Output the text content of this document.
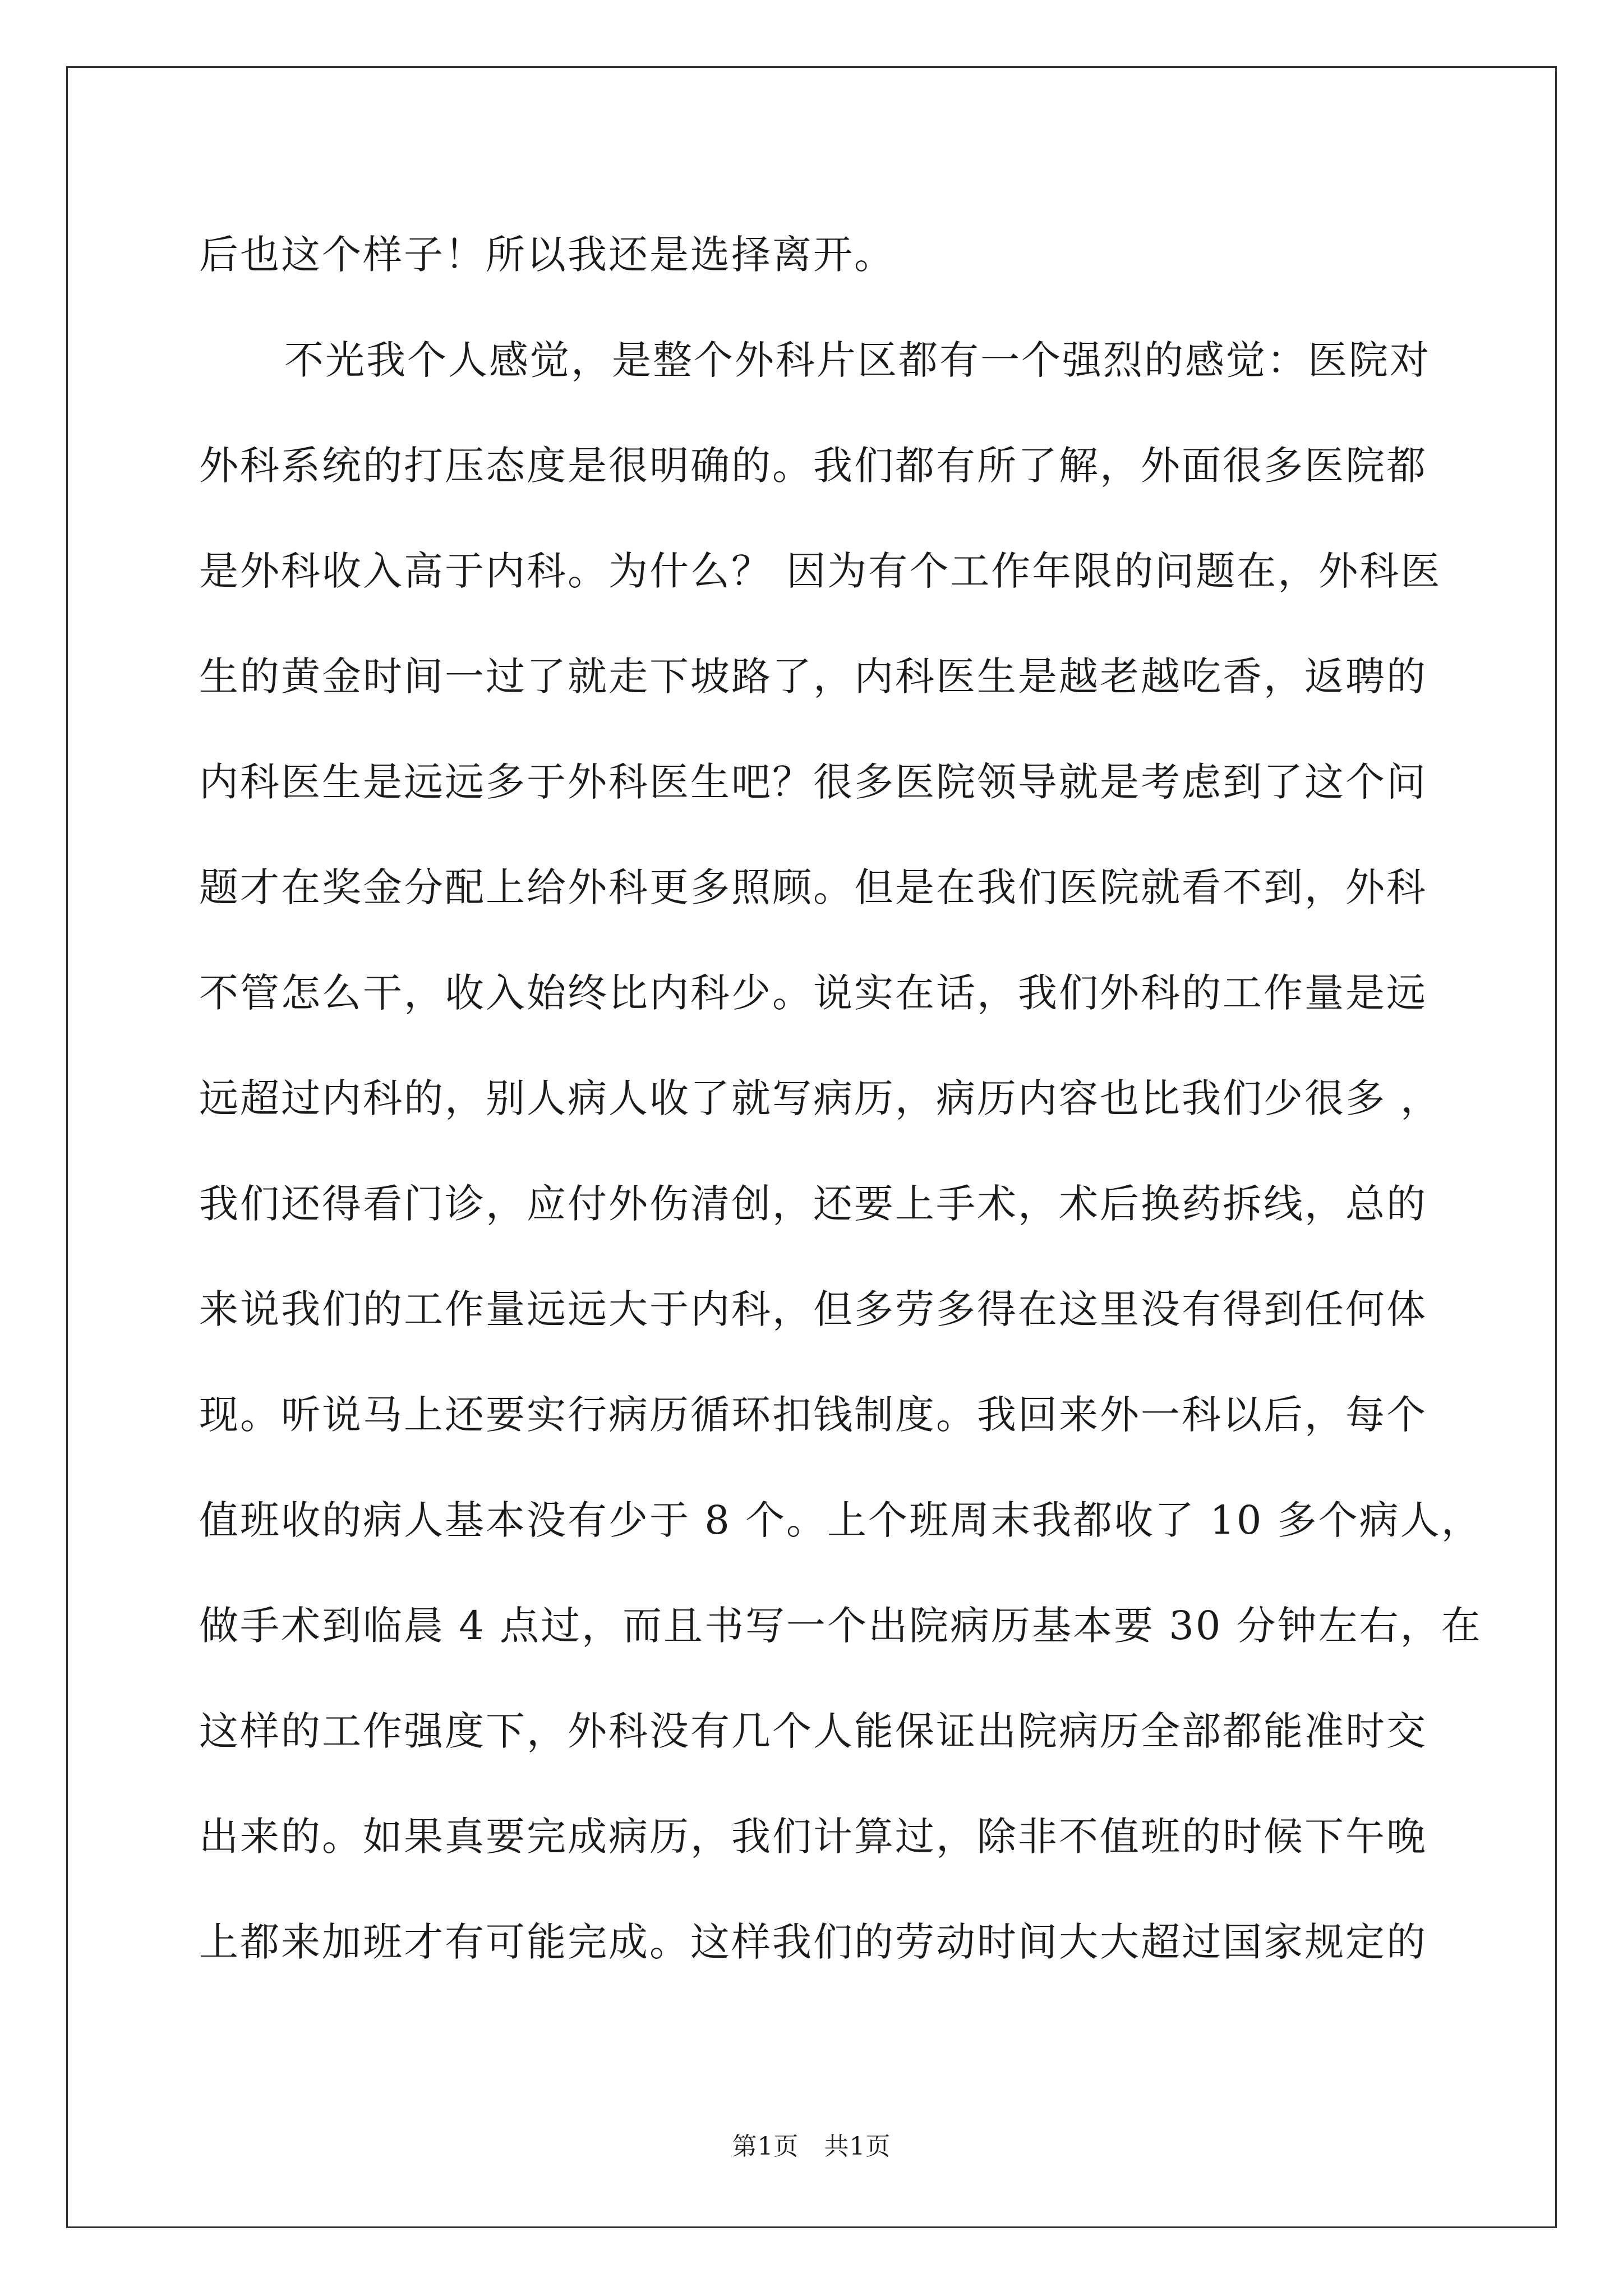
后也这个样子！所以我还是选择离开。
不光我个人感觉，是整个外科片区都有一个强烈的感觉：医院对
外科系统的打压态度是很明确的。我们都有所了解，外面很多医院都
是外科收入高于内科。为什么？ 因为有个工作年限的问题在，外科医
生的黄金时间一过了就走下坡路了，内科医生是越老越吃香，返聘的
内科医生是远远多于外科医生吧？很多医院领导就是考虑到了这个问
题才在奖金分配上给外科更多照顾。但是在我们医院就看不到，外科
不管怎么干，收入始终比内科少。说实在话，我们外科的工作量是远
远超过内科的，别人病人收了就写病历，病历内容也比我们少很多 ，
我们还得看门诊，应付外伤清创，还要上手术，术后换药拆线，总的
来说我们的工作量远远大于内科，但多劳多得在这里没有得到任何体
现。听说马上还要实行病历循环扣钱制度。我回来外一科以后，每个
值班收的病人基本没有少于 8 个。上个班周末我都收了 10 多个病人，
做手术到临晨 4 点过，而且书写一个出院病历基本要 30 分钟左右，在
这样的工作强度下，外科没有几个人能保证出院病历全部都能准时交
出来的。如果真要完成病历，我们计算过，除非不值班的时候下午晚
上都来加班才有可能完成。这样我们的劳动时间大大超过国家规定的
第1页　共1页
